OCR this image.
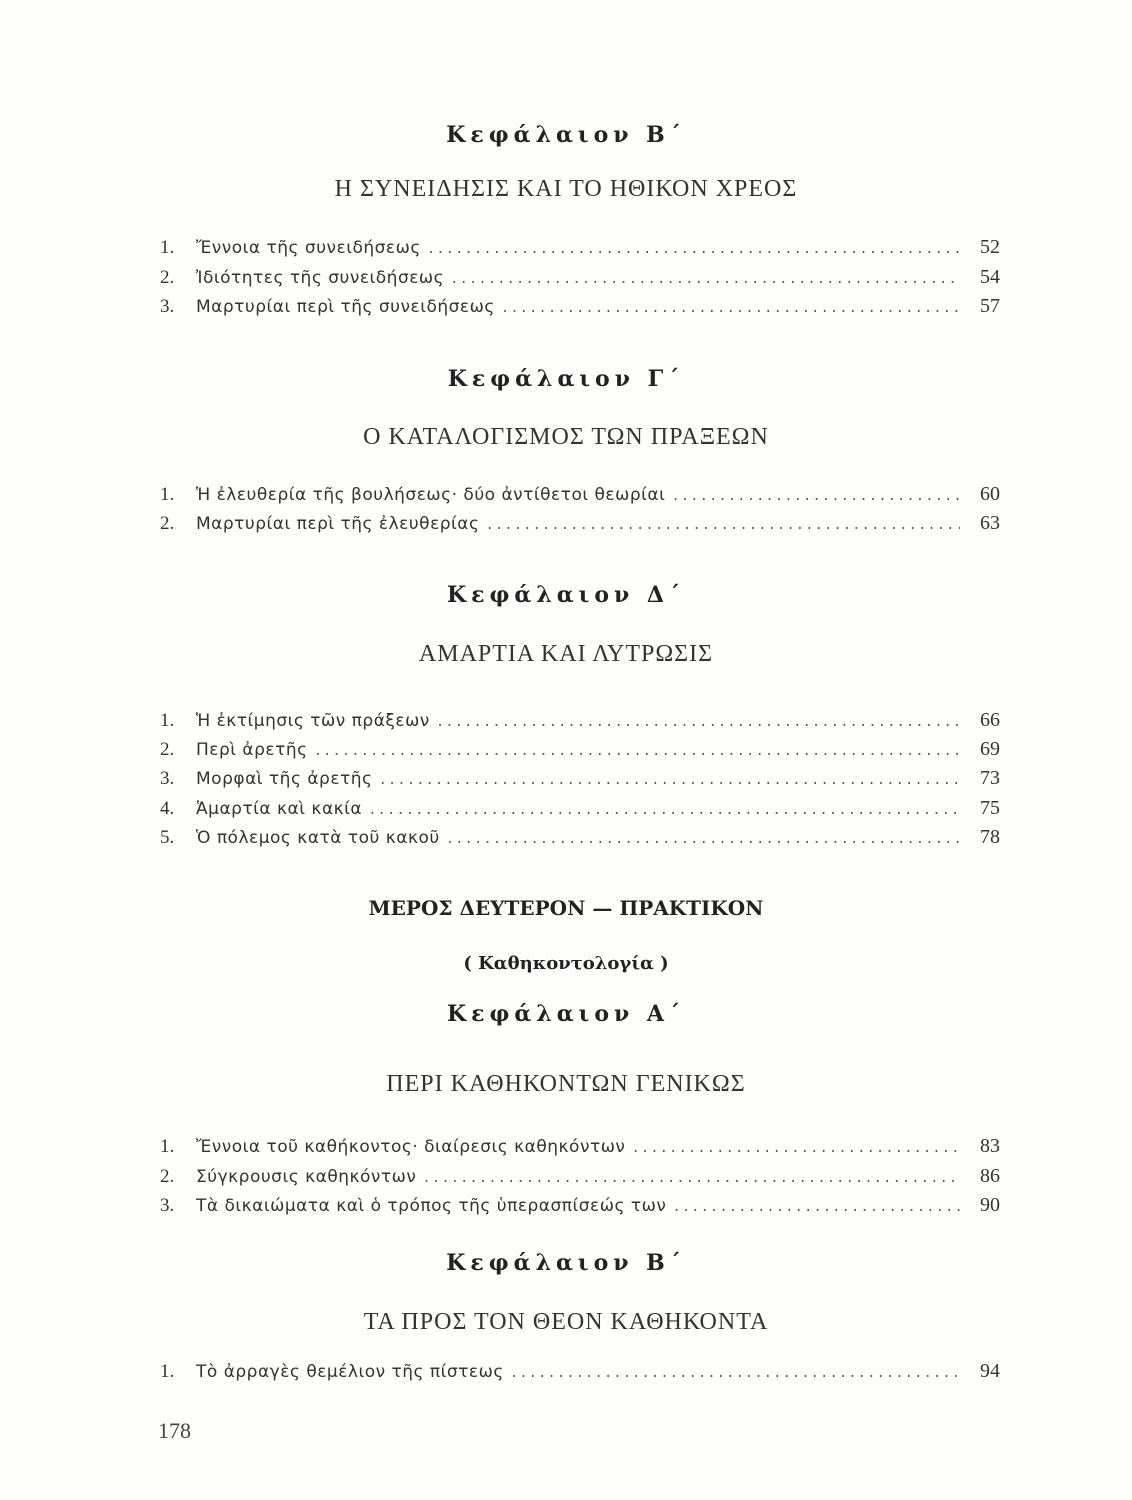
Κεφάλαιον Β΄
Η ΣΥΝΕΙΔΗΣΙΣ ΚΑΙ ΤΟ ΗΘΙΚΟΝ ΧΡΕΟΣ
1.	Ἔννοια τῆς συνειδήσεως .....	52
2.	Ἰδιότητες τῆς συνειδήσεως .....	54
3.	Μαρτυρίαι περὶ τῆς συνειδήσεως .....	57
Κεφάλαιον Γ΄
Ο ΚΑΤΑΛΟΓΙΣΜΟΣ ΤΩΝ ΠΡΑΞΕΩΝ
1.	Ἡ ἐλευθερία τῆς βουλήσεως· δύο ἀντίθετοι θεωρίαι .....	60
2.	Μαρτυρίαι περὶ τῆς ἐλευθερίας .....	63
Κεφάλαιον Δ΄
ΑΜΑΡΤΙΑ ΚΑΙ ΛΥΤΡΩΣΙΣ
1.	Ἡ ἐκτίμησις τῶν πράξεων .....	66
2.	Περὶ ἀρετῆς .....	69
3.	Μορφαὶ τῆς ἀρετῆς .....	73
4.	Ἁμαρτία καὶ κακία .....	75
5.	Ὁ πόλεμος κατὰ τοῦ κακοῦ .....	78
ΜΕΡΟΣ ΔΕΥΤΕΡΟΝ — ΠΡΑΚΤΙΚΟΝ
( Καθηκοντολογία )
Κεφάλαιον Α΄
ΠΕΡΙ ΚΑΘΗΚΟΝΤΩΝ ΓΕΝΙΚΩΣ
1.	Ἔννοια τοῦ καθήκοντος· διαίρεσις καθηκόντων .....	83
2.	Σύγκρουσις καθηκόντων .....	86
3.	Τὰ δικαιώματα καὶ ὁ τρόπος τῆς ὑπερασπίσεώς των .....	90
Κεφάλαιον Β΄
ΤΑ ΠΡΟΣ ΤΟΝ ΘΕΟΝ ΚΑΘΗΚΟΝΤΑ
1.	Τὸ ἀρραγὲς θεμέλιον τῆς πίστεως .....	94
178
